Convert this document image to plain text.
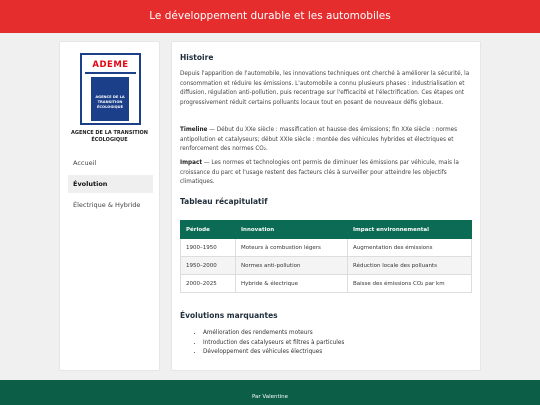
Le développement durable et les automobiles
ADEME
AGENCE DE LA
TRANSITION
ÉCOLOGIQUE
AGENCE DE LA TRANSITION ÉCOLOGIQUE
Accueil
Évolution
Électrique & Hybride
Histoire

Depuis l'apparition de l'automobile, les innovations techniques ont cherché à améliorer la sécurité, la consommation et réduire les émissions. L'automobile a connu plusieurs phases : industrialisation et diffusion, régulation anti-pollution, puis recentrage sur l'efficacité et l'électrification. Ces étapes ont progressivement réduit certains polluants locaux tout en posant de nouveaux défis globaux.

Timeline — Début du XXe siècle : massification et hausse des émissions; fin XXe siècle : normes antipollution et catalyseurs; début XXIe siècle : montée des véhicules hybrides et électriques et renforcement des normes CO₂.

Impact — Les normes et technologies ont permis de diminuer les émissions par véhicule, mais la croissance du parc et l'usage restent des facteurs clés à surveiller pour atteindre les objectifs climatiques.

Tableau récapitulatif
Période	Innovation	Impact environnemental
1900–1950	Moteurs à combustion légers	Augmentation des émissions
1950–2000	Normes anti-pollution	Réduction locale des polluants
2000–2025	Hybride & électrique	Baisse des émissions CO₂ par km
Évolutions marquantes
• Amélioration des rendements moteurs
• Introduction des catalyseurs et filtres à particules
• Développement des véhicules électriques
Par Valentine
